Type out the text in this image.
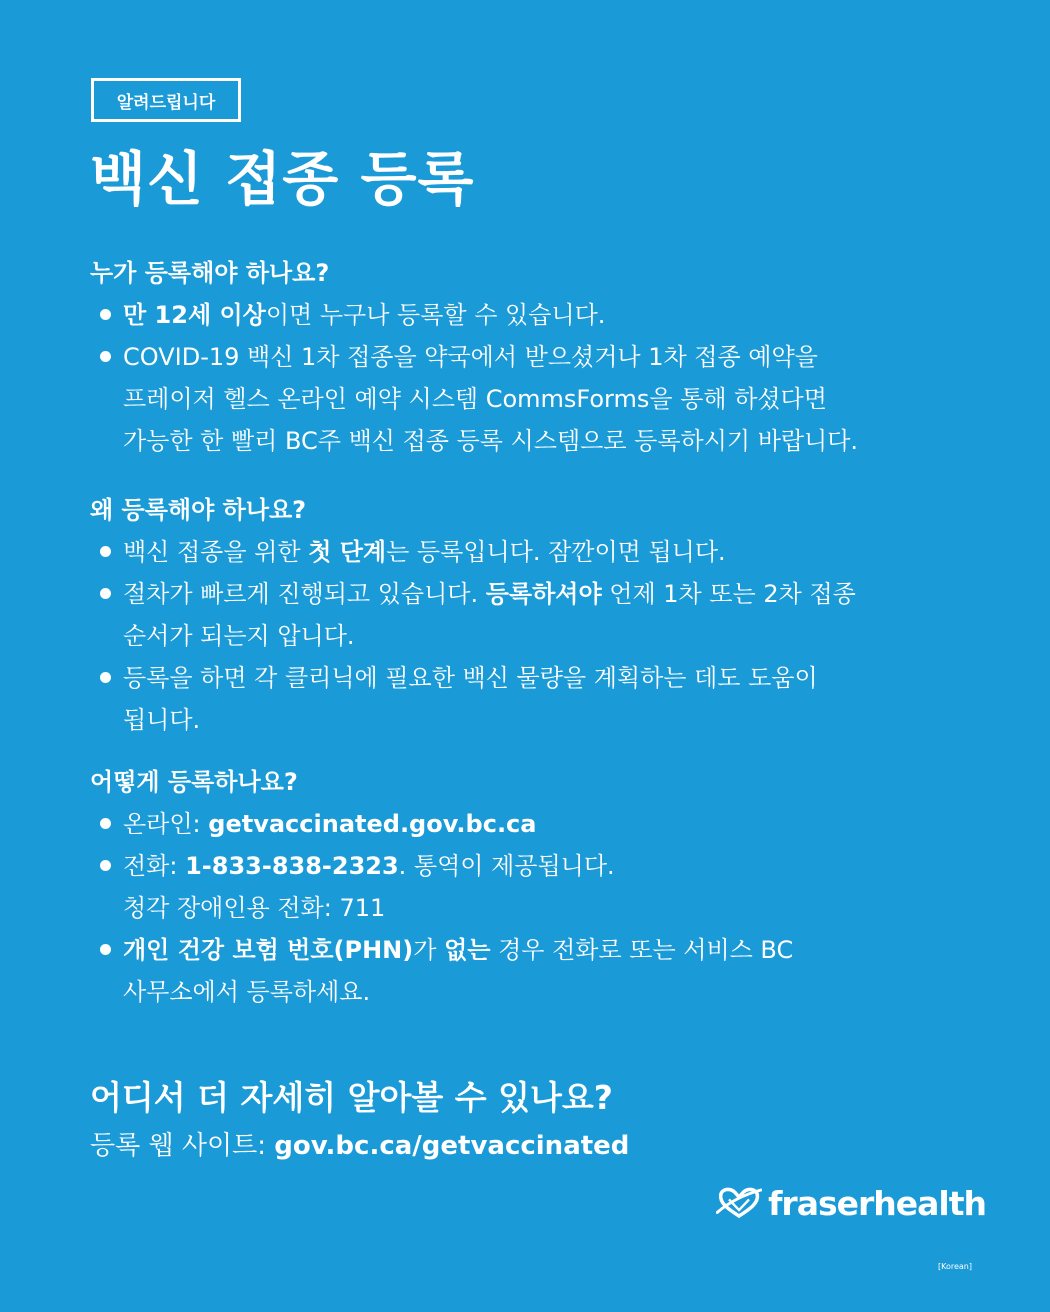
알려드립니다
백신 접종 등록
누가 등록해야 하나요?
만 12세 이상이면 누구나 등록할 수 있습니다.
COVID-19 백신 1차 접종을 약국에서 받으셨거나 1차 접종 예약을
프레이저 헬스 온라인 예약 시스템 CommsForms을 통해 하셨다면
가능한 한 빨리 BC주 백신 접종 등록 시스템으로 등록하시기 바랍니다.
왜 등록해야 하나요?
백신 접종을 위한 첫 단계는 등록입니다. 잠깐이면 됩니다.
절차가 빠르게 진행되고 있습니다. 등록하셔야 언제 1차 또는 2차 접종
순서가 되는지 압니다.
등록을 하면 각 클리닉에 필요한 백신 물량을 계획하는 데도 도움이
됩니다.
어떻게 등록하나요?
온라인: getvaccinated.gov.bc.ca
전화: 1-833-838-2323. 통역이 제공됩니다.
청각 장애인용 전화: 711
개인 건강 보험 번호(PHN)가 없는 경우 전화로 또는 서비스 BC
사무소에서 등록하세요.
어디서 더 자세히 알아볼 수 있나요?
등록 웹 사이트: gov.bc.ca/getvaccinated
fraserhealth
[Korean]
